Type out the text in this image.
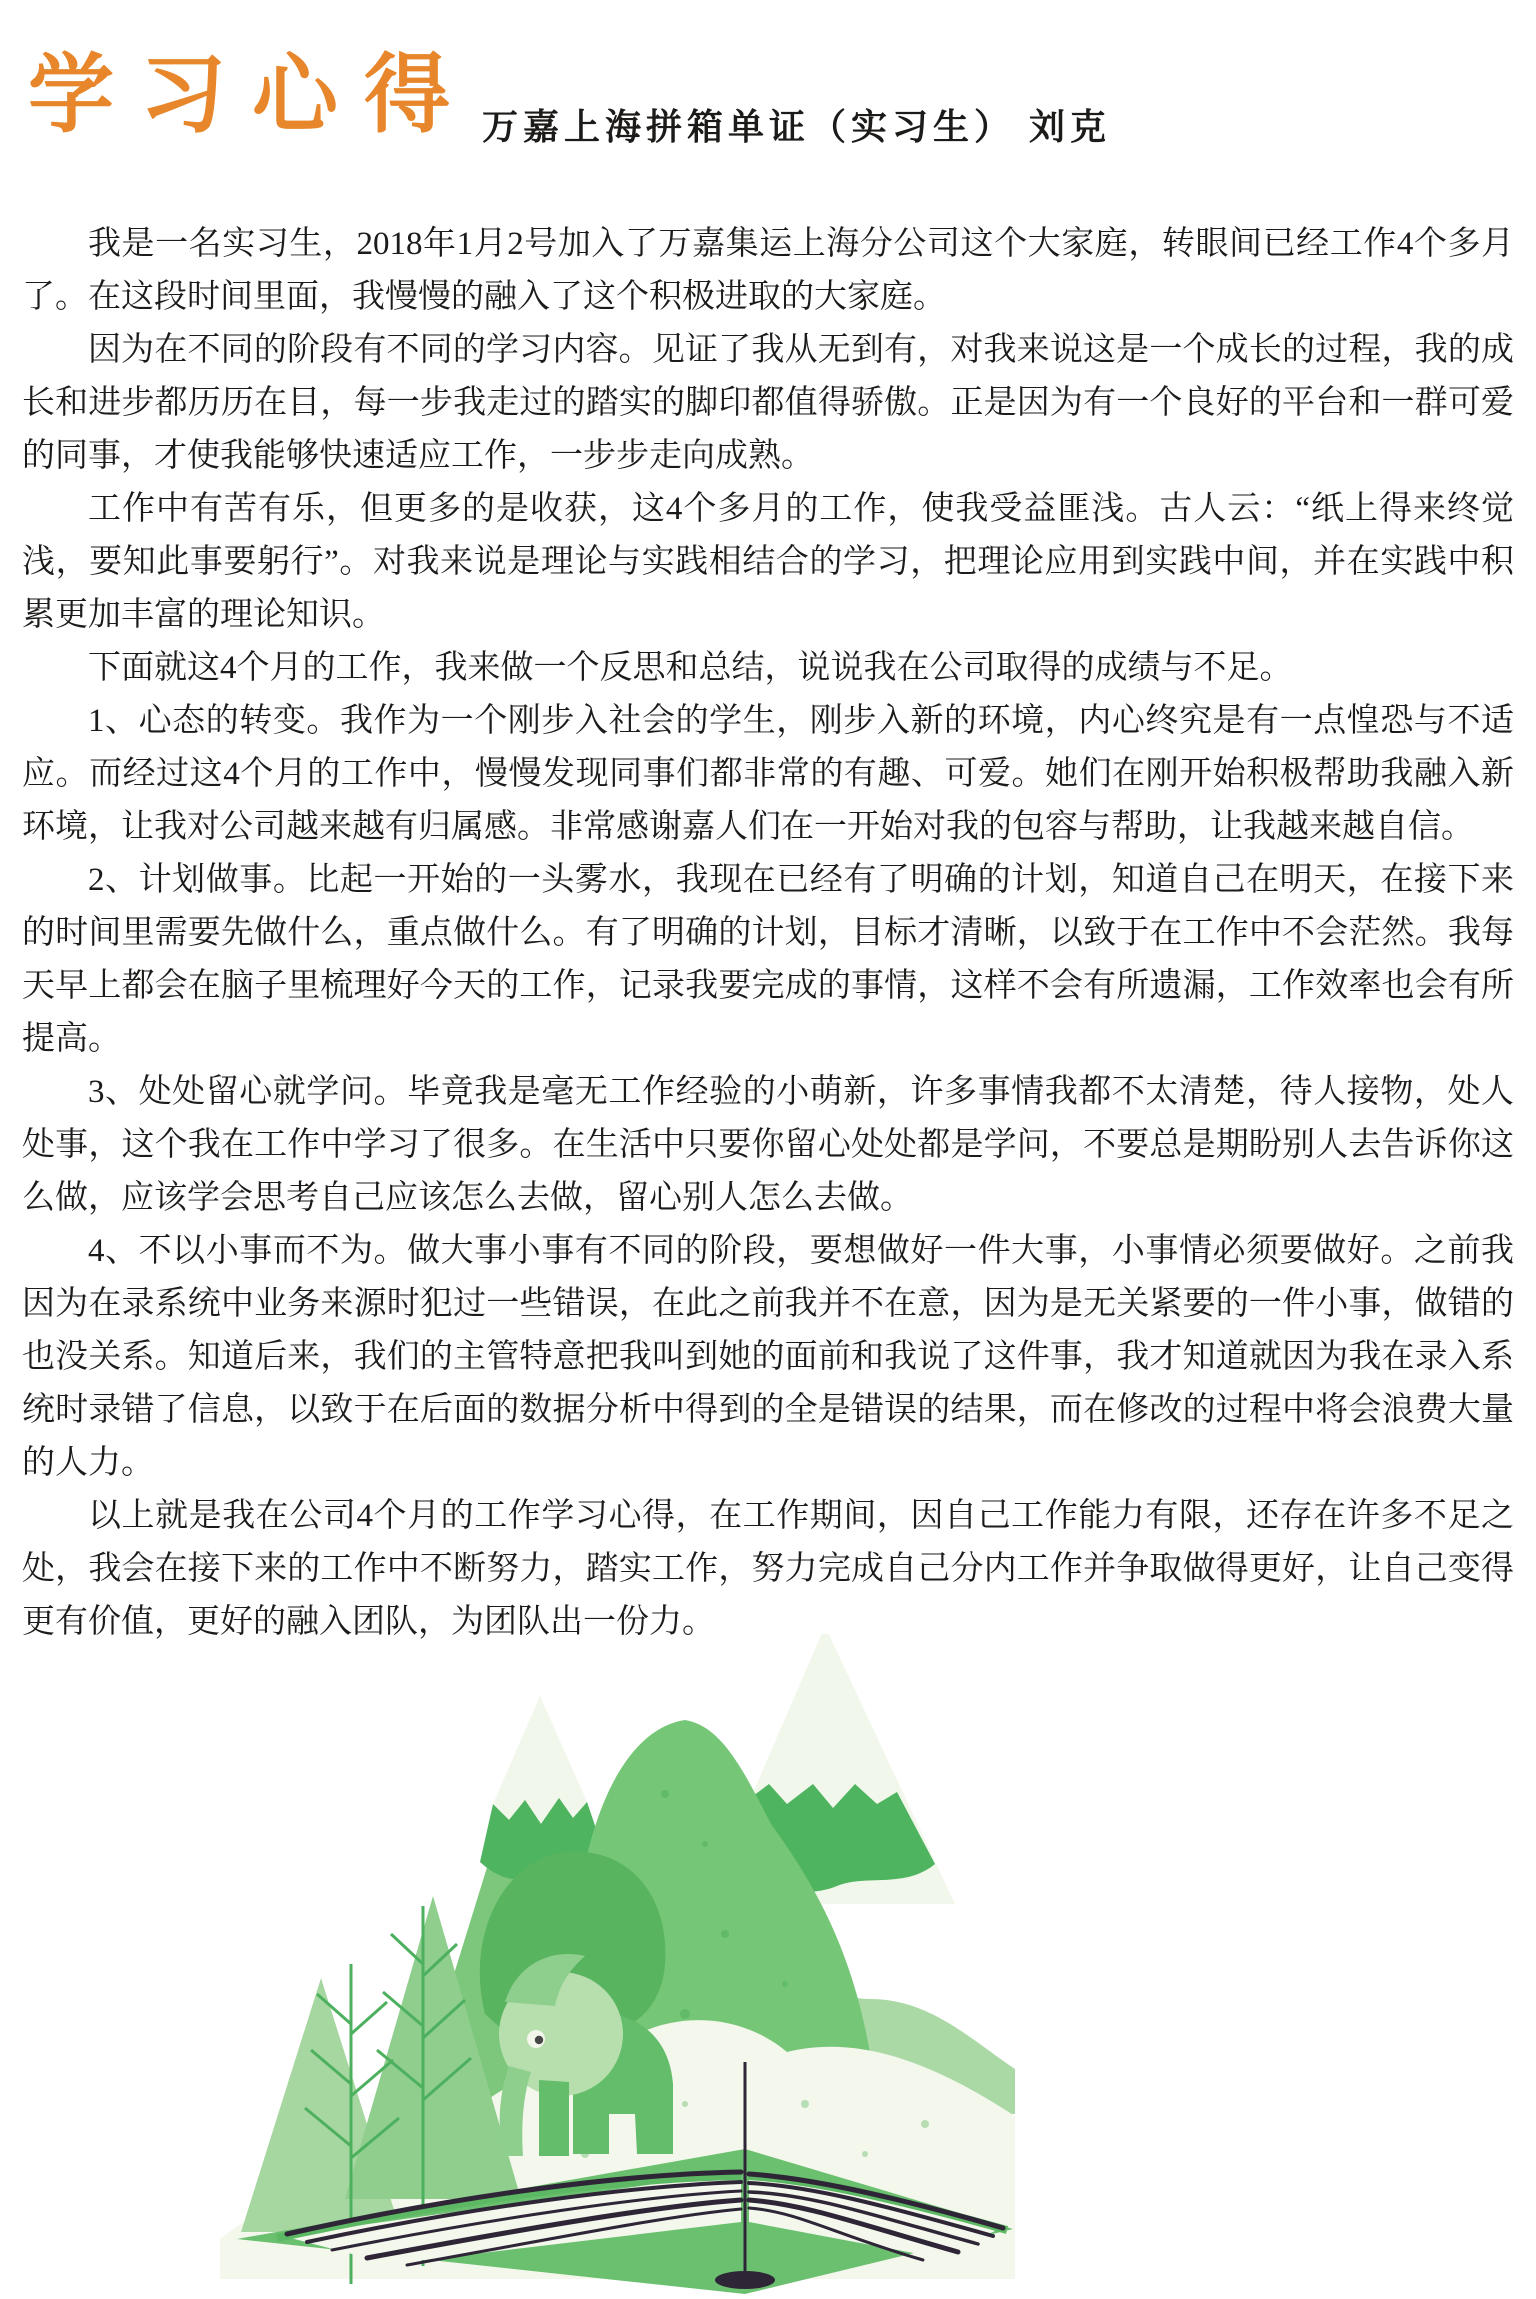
学习心得 万嘉上海拼箱单证（实习生） 刘克

我是一名实习生，2018年1月2号加入了万嘉集运上海分公司这个大家庭，转眼间已经工作4个多月了。在这段时间里面，我慢慢的融入了这个积极进取的大家庭。

因为在不同的阶段有不同的学习内容。见证了我从无到有，对我来说这是一个成长的过程，我的成长和进步都历历在目，每一步我走过的踏实的脚印都值得骄傲。正是因为有一个良好的平台和一群可爱的同事，才使我能够快速适应工作，一步步走向成熟。

工作中有苦有乐，但更多的是收获，这4个多月的工作，使我受益匪浅。古人云：“纸上得来终觉浅，要知此事要躬行”。对我来说是理论与实践相结合的学习，把理论应用到实践中间，并在实践中积累更加丰富的理论知识。

下面就这4个月的工作，我来做一个反思和总结，说说我在公司取得的成绩与不足。

1、心态的转变。我作为一个刚步入社会的学生，刚步入新的环境，内心终究是有一点惶恐与不适应。而经过这4个月的工作中，慢慢发现同事们都非常的有趣、可爱。她们在刚开始积极帮助我融入新环境，让我对公司越来越有归属感。非常感谢嘉人们在一开始对我的包容与帮助，让我越来越自信。

2、计划做事。比起一开始的一头雾水，我现在已经有了明确的计划，知道自己在明天，在接下来的时间里需要先做什么，重点做什么。有了明确的计划，目标才清晰，以致于在工作中不会茫然。我每天早上都会在脑子里梳理好今天的工作，记录我要完成的事情，这样不会有所遗漏，工作效率也会有所提高。

3、处处留心就学问。毕竟我是毫无工作经验的小萌新，许多事情我都不太清楚，待人接物，处人处事，这个我在工作中学习了很多。在生活中只要你留心处处都是学问，不要总是期盼别人去告诉你这么做，应该学会思考自己应该怎么去做，留心别人怎么去做。

4、不以小事而不为。做大事小事有不同的阶段，要想做好一件大事，小事情必须要做好。之前我因为在录系统中业务来源时犯过一些错误，在此之前我并不在意，因为是无关紧要的一件小事，做错的也没关系。知道后来，我们的主管特意把我叫到她的面前和我说了这件事，我才知道就因为我在录入系统时录错了信息，以致于在后面的数据分析中得到的全是错误的结果，而在修改的过程中将会浪费大量的人力。

以上就是我在公司4个月的工作学习心得，在工作期间，因自己工作能力有限，还存在许多不足之处，我会在接下来的工作中不断努力，踏实工作，努力完成自己分内工作并争取做得更好，让自己变得更有价值，更好的融入团队，为团队出一份力。
